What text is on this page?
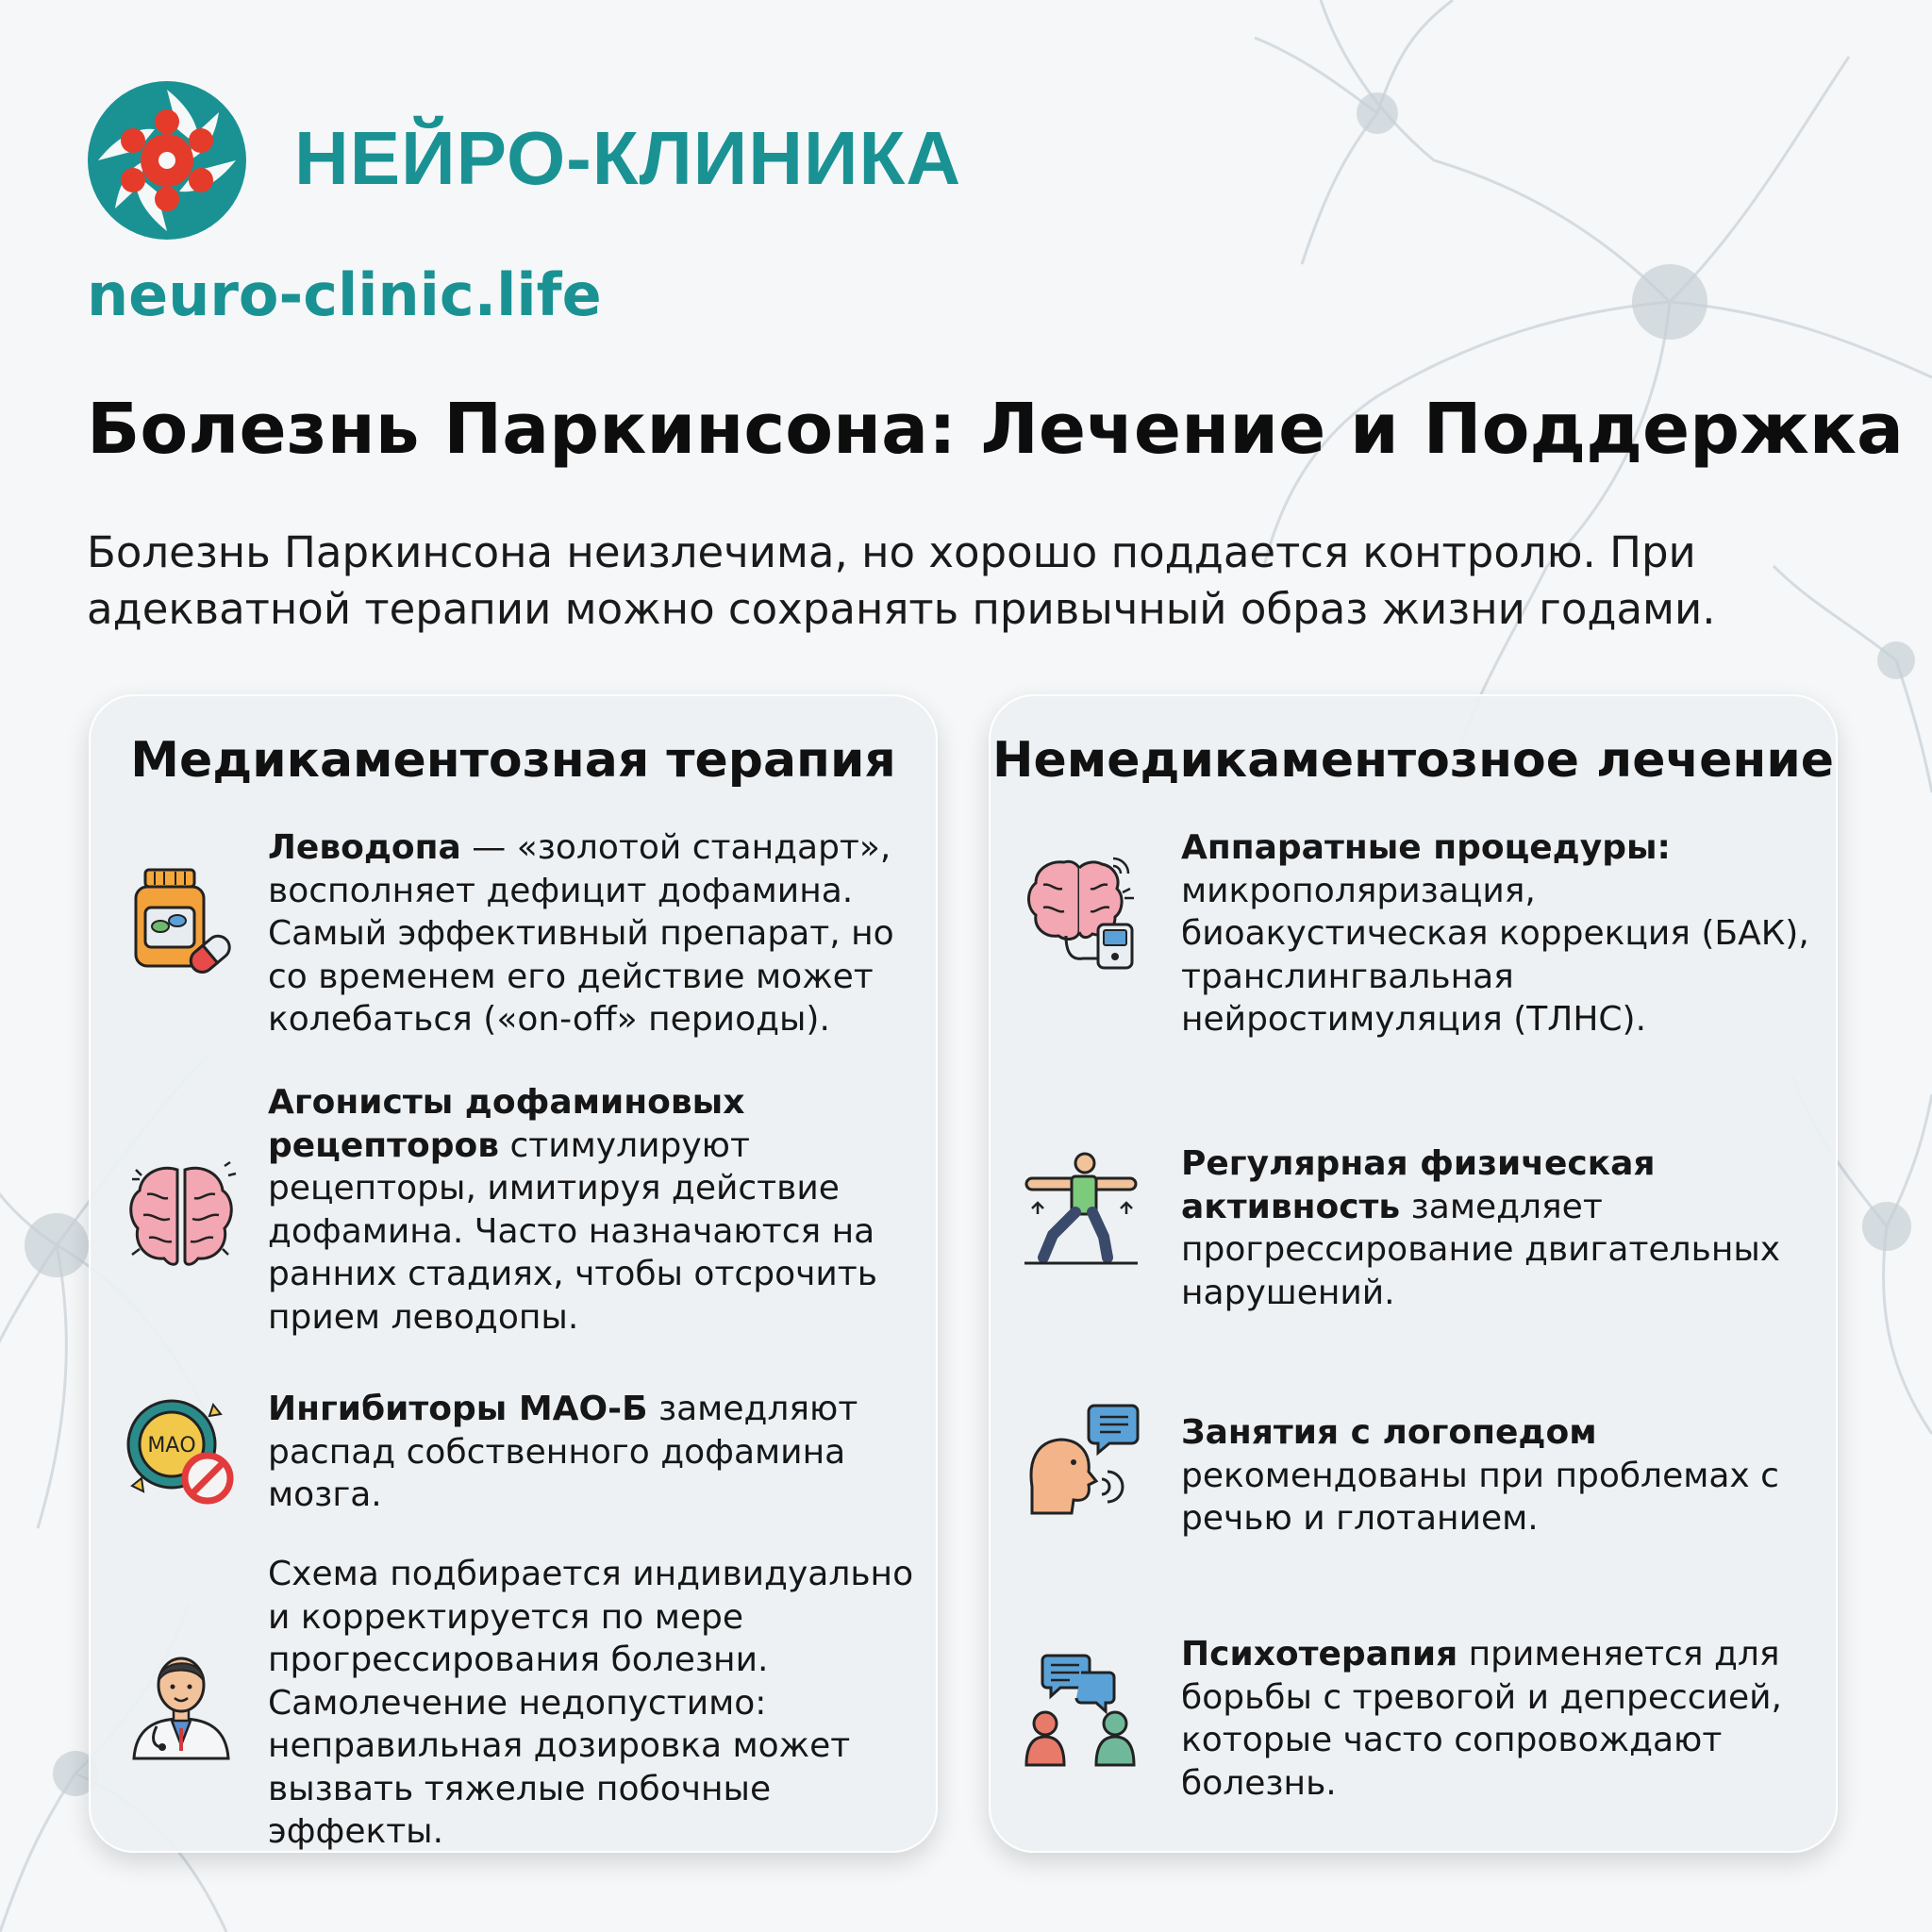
НЕЙРО-КЛИНИКА

neuro-clinic.life

Болезнь Паркинсона: Лечение и Поддержка

Болезнь Паркинсона неизлечима, но хорошо поддается контролю. При адекватной терапии можно сохранять привычный образ жизни годами.

Медикаментозная терапия

Леводопа — «золотой стандарт», восполняет дефицит дофамина. Самый эффективный препарат, но со временем его действие может колебаться («on-off» периоды).

Агонисты дофаминовых рецепторов стимулируют рецепторы, имитируя действие дофамина. Часто назначаются на ранних стадиях, чтобы отсрочить прием леводопы.

МАО

Ингибиторы МАО-Б замедляют распад собственного дофамина мозга.

Схема подбирается индивидуально и корректируется по мере прогрессирования болезни. Самолечение недопустимо: неправильная дозировка может вызвать тяжелые побочные эффекты.

Немедикаментозное лечение

Аппаратные процедуры: микрополяризация, биоакустическая коррекция (БАК), транслингвальная нейростимуляция (ТЛНС).

Регулярная физическая активность замедляет прогрессирование двигательных нарушений.

Занятия с логопедом рекомендованы при проблемах с речью и глотанием.

Психотерапия применяется для борьбы с тревогой и депрессией, которые часто сопровождают болезнь.
